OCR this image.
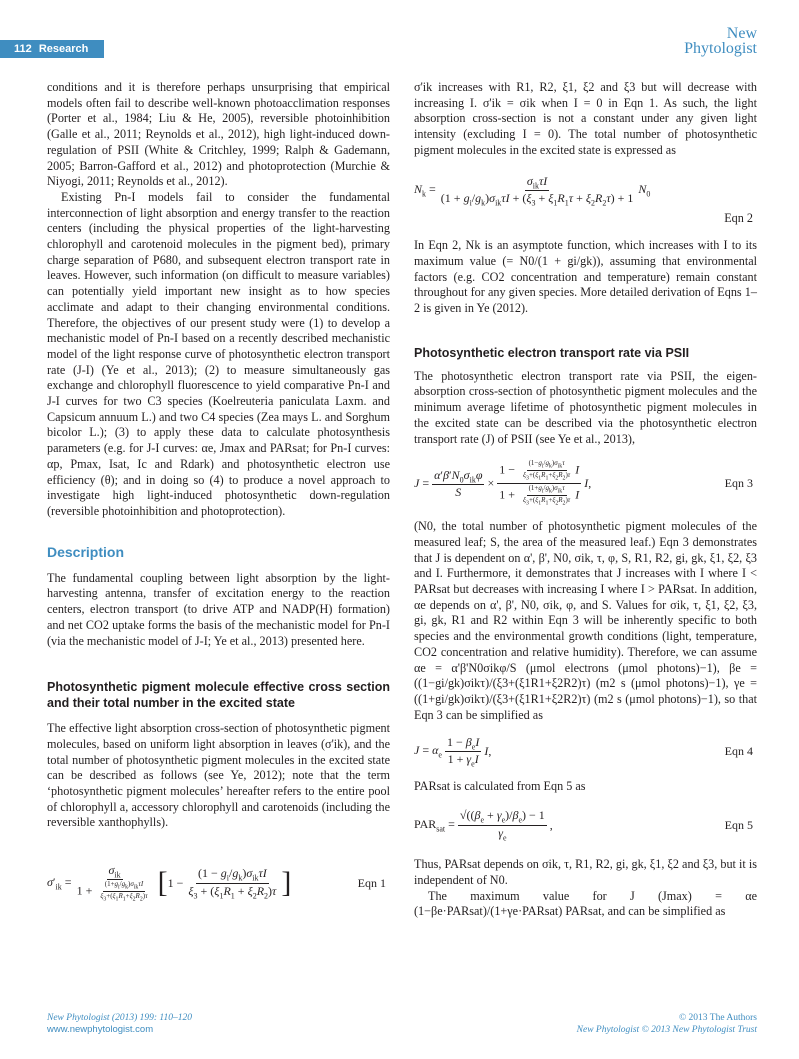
112 Research
New
Phytologist

conditions and it is therefore perhaps unsurprising that empirical models often fail to describe well-known photoacclimation responses (Porter et al., 1984; Liu & He, 2005), reversible photoinhibition (Galle et al., 2011; Reynolds et al., 2012), high light-induced down-regulation of PSII (White & Critchley, 1999; Ralph & Gademann, 2005; Barron-Gafford et al., 2012) and photoprotection (Murchie & Niyogi, 2011; Reynolds et al., 2012).

Existing Pn-I models fail to consider the fundamental interconnection of light absorption and energy transfer to the reaction centers (including the physical properties of the light-harvesting chlorophyll and carotenoid molecules in the pigment bed), primary charge separation of P680, and subsequent electron transport rate in leaves. However, such information (on difficult to measure variables) can potentially yield important new insight as to how species acclimate and adapt to their changing environmental conditions. Therefore, the objectives of our present study were (1) to develop a mechanistic model of Pn-I based on a recently described mechanistic model of the light response curve of photosynthetic electron transport rate (J-I) (Ye et al., 2013); (2) to measure simultaneously gas exchange and chlorophyll fluorescence to yield comparative Pn-I and J-I curves for two C3 species (Koelreuteria paniculata Laxm. and Capsicum annuum L.) and two C4 species (Zea mays L. and Sorghum bicolor L.); (3) to apply these data to calculate photosynthesis parameters (e.g. for J-I curves: αe, Jmax and PARsat; for Pn-I curves: αp, Pmax, Isat, Ic and Rdark) and photosynthetic electron use efficiency (θ); and in doing so (4) to produce a novel approach to investigate high light-induced photosynthetic down-regulation (reversible photoinhibition and photoprotection).

Description

The fundamental coupling between light absorption by the light-harvesting antenna, transfer of excitation energy to the reaction centers, electron transport (to drive ATP and NADP(H) formation) and net CO2 uptake forms the basis of the mechanistic model for Pn-I (via the mechanistic model of J-I; Ye et al., 2013) presented here.

Photosynthetic pigment molecule effective cross section and their total number in the excited state

The effective light absorption cross-section of photosynthetic pigment molecules, based on uniform light absorption in leaves (σ'ik), and the total number of photosynthetic pigment molecules in the excited state can be described as follows (see Ye, 2012); note that the term ‘photosynthetic pigment molecules’ hereafter refers to the entire pool of chlorophyll a, accessory chlorophyll and carotenoids (including the reversible xanthophylls).

$\sigma'_{ik} = \frac{\sigma_{ik}}{1 + \frac{(1+g_i/g_k)\sigma_{ik}\tau I}{\xi_3+(\xi_1R_1+\xi_2R_2)\tau}}$ [ $1 - \frac{(1 - g_i/g_k)\sigma_{ik}\tau I}{\xi_3 + (\xi_1R_1 + \xi_2R_2)\tau}$ ]	Eqn 1

σ'ik increases with R1, R2, ξ1, ξ2 and ξ3 but will decrease with increasing I. σ'ik = σik when I = 0 in Eqn 1. As such, the light absorption cross-section is not a constant under any given light intensity (excluding I = 0). The total number of photosynthetic pigment molecules in the excited state is expressed as

$N_k = \frac{\sigma_{ik}\tau I}{(1 + g_i/g_k)\sigma_{ik}\tau I + (\xi_3 + \xi_1R_1\tau + \xi_2R_2\tau) + 1} N_0$
Eqn 2

In Eqn 2, Nk is an asymptote function, which increases with I to its maximum value (= N0/(1 + gi/gk)), assuming that environmental factors (e.g. CO2 concentration and temperature) remain constant throughout for any given species. More detailed derivation of Eqns 1–2 is given in Ye (2012).

Photosynthetic electron transport rate via PSII

The photosynthetic electron transport rate via PSII, the eigen-absorption cross-section of photosynthetic pigment molecules and the minimum average lifetime of photosynthetic pigment molecules in the excited state can be described via the photosynthetic electron transport rate (J) of PSII (see Ye et al., 2013),

$J = \frac{\alpha'\beta'N_0\sigma_{ik}\varphi}{S} \times \frac{1 - \frac{(1-g_i/g_k)\sigma_{ik}\tau}{\xi_3+(\xi_1R_1+\xi_2R_2)\tau} I}{1 + \frac{(1+g_i/g_k)\sigma_{ik}\tau}{\xi_3+(\xi_1R_1+\xi_2R_2)\tau} I} I$,	Eqn 3

(N0, the total number of photosynthetic pigment molecules of the measured leaf; S, the area of the measured leaf.) Eqn 3 demonstrates that J is dependent on α', β', N0, σik, τ, φ, S, R1, R2, gi, gk, ξ1, ξ2, ξ3 and I. Furthermore, it demonstrates that J increases with I where I < PARsat but decreases with increasing I where I > PARsat. In addition, αe depends on α', β', N0, σik, φ, and S. Values for σik, τ, ξ1, ξ2, ξ3, gi, gk, R1 and R2 within Eqn 3 will be inherently specific to both species and the environmental growth conditions (light, temperature, CO2 concentration and relative humidity). Therefore, we can assume αe = α'β'N0σikφ/S (μmol electrons (μmol photons)−1), βe = ((1−gi/gk)σikτ)/(ξ3+(ξ1R1+ξ2R2)τ) (m2 s (μmol photons)−1), γe = ((1+gi/gk)σikτ)/(ξ3+(ξ1R1+ξ2R2)τ) (m2 s (μmol photons)−1), so that Eqn 3 can be simplified as

$J = \alpha_e \frac{1 - \beta_eI}{1 + \gamma_eI} I$,	Eqn 4

PARsat is calculated from Eqn 5 as

$PAR_{sat} = \frac{√((\beta_e + \gamma_e)/\beta_e) - 1}{\gamma_e}$ ,	Eqn 5

Thus, PARsat depends on σik, τ, R1, R2, gi, gk, ξ1, ξ2 and ξ3, but it is independent of N0.

The maximum value for J (Jmax) = αe (1−βe·PARsat)/(1+γe·PARsat) PARsat, and can be simplified as

New Phytologist (2013) 199: 110–120
www.newphytologist.com
© 2013 The Authors
New Phytologist © 2013 New Phytologist Trust
